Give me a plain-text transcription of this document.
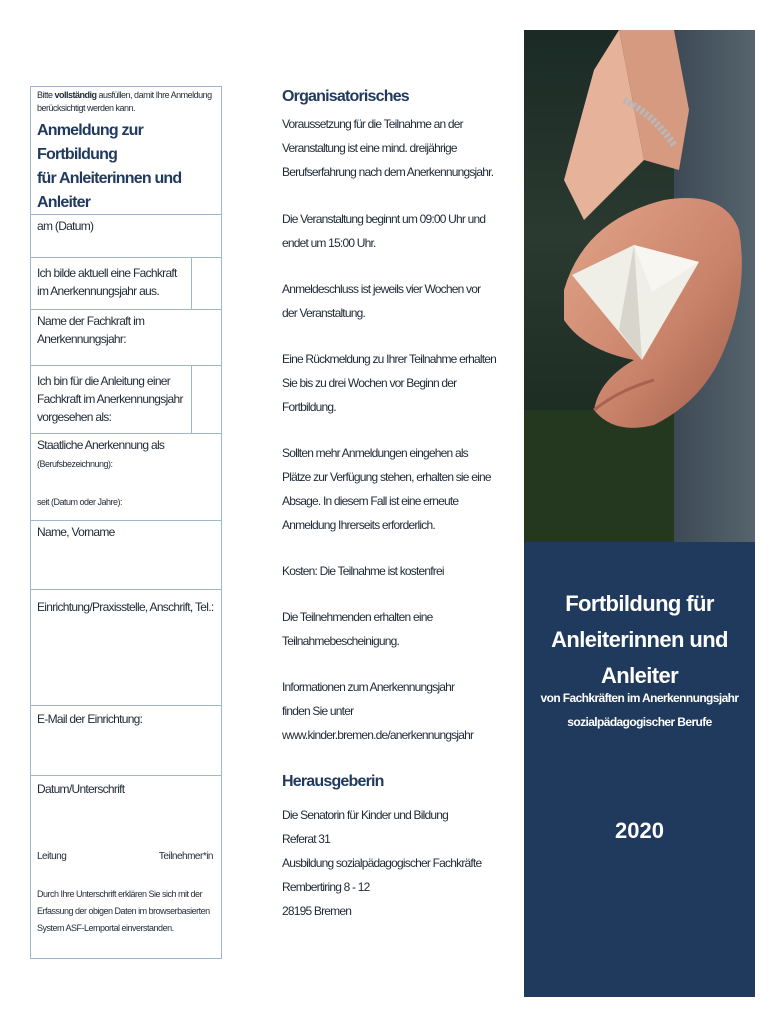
Bitte vollständig ausfüllen, damit Ihre Anmeldung berücksichtigt werden kann.
Anmeldung zur Fortbildung
für Anleiterinnen und Anleiter
am (Datum)
Ich bilde aktuell eine Fachkraft im Anerkennungsjahr aus.
Name der Fachkraft im Anerkennungsjahr:
Ich bin für die Anleitung einer Fachkraft im Anerkennungsjahr vorgesehen als:
Staatliche Anerkennung als (Berufsbezeichnung):
seit (Datum oder Jahre):
Name, Vorname
Einrichtung/Praxisstelle, Anschrift, Tel.:
E-Mail der Einrichtung:
Datum/Unterschrift
Leitung	Teilnehmer*in
Durch Ihre Unterschrift erklären Sie sich mit der Erfassung der obigen Daten im browserbasierten System ASF-Lernportal einverstanden.
Organisatorisches

Voraussetzung für die Teilnahme an der Veranstaltung ist eine mind. dreijährige Berufserfahrung nach dem Anerkennungsjahr.

Die Veranstaltung beginnt um 09:00 Uhr und endet um 15:00 Uhr.

Anmeldeschluss ist jeweils vier Wochen vor der Veranstaltung.

Eine Rückmeldung zu Ihrer Teilnahme erhalten Sie bis zu drei Wochen vor Beginn der Fortbildung.

Sollten mehr Anmeldungen eingehen als Plätze zur Verfügung stehen, erhalten sie eine Absage. In diesem Fall ist eine erneute Anmeldung Ihrerseits erforderlich.

Kosten: Die Teilnahme ist kostenfrei

Die Teilnehmenden erhalten eine Teilnahmebescheinigung.

Informationen zum Anerkennungsjahr

finden Sie unter

www.kinder.bremen.de/anerkennungsjahr

Herausgeberin

Die Senatorin für Kinder und Bildung

Referat 31

Ausbildung sozialpädagogischer Fachkräfte

Rembertiring 8 - 12

28195 Bremen

Fortbildung für
Anleiterinnen und Anleiter
von Fachkräften im Anerkennungsjahr
sozialpädagogischer Berufe
2020
